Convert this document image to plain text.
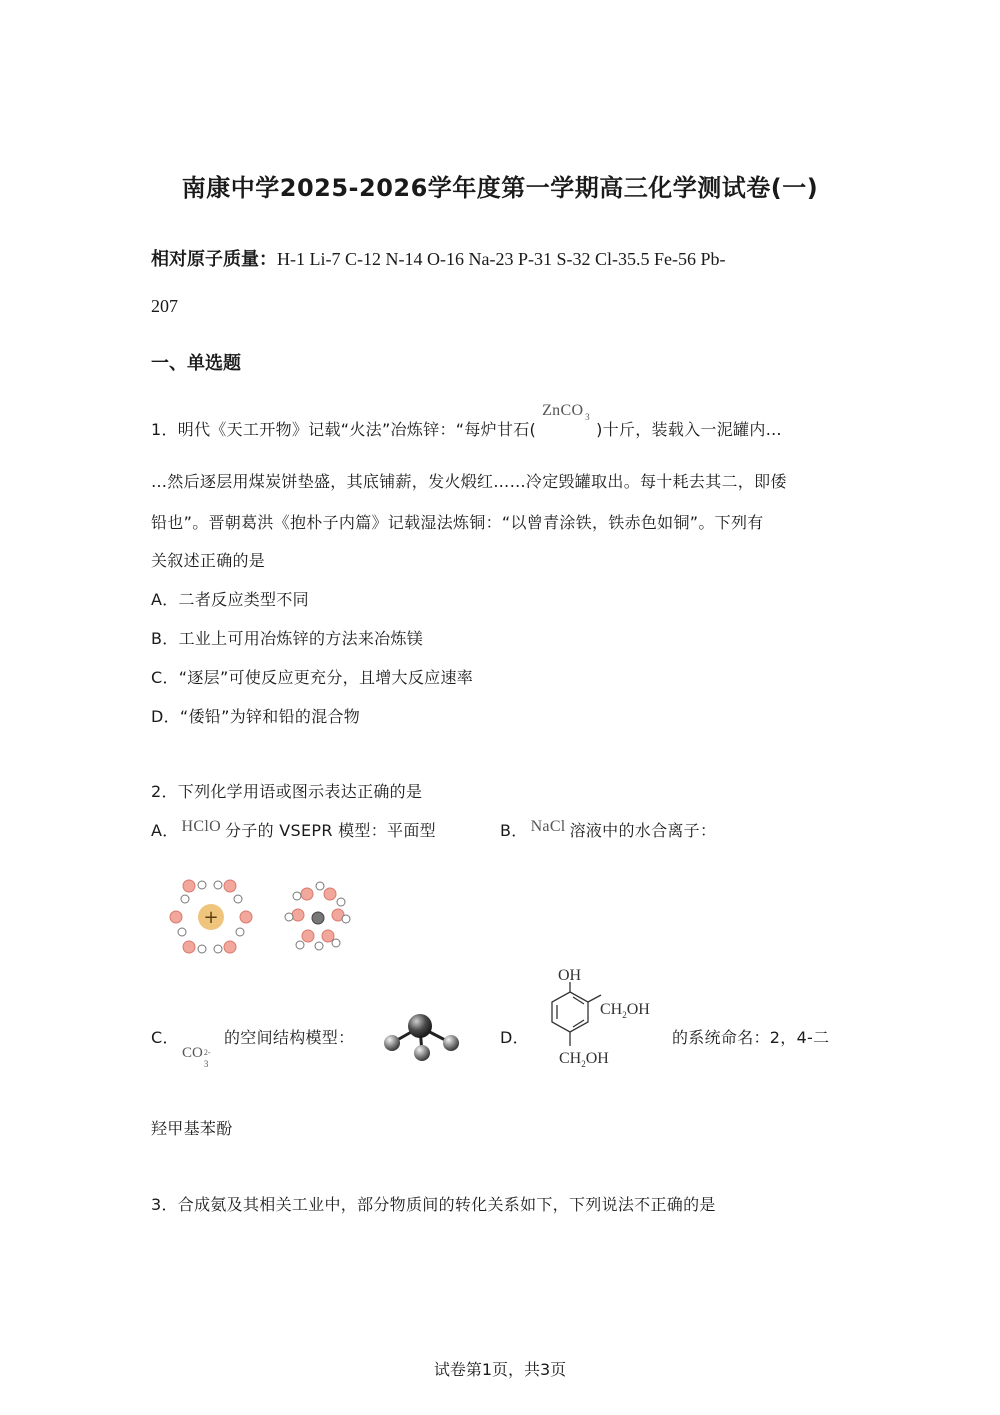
南康中学2025-2026学年度第一学期高三化学测试卷(一)
相对原子质量：H-1 Li-7 C-12 N-14 O-16 Na-23 P-31 S-32 Cl-35.5 Fe-56 Pb-
207
一、单选题
1．明代《天工开物》记载“火法”冶炼锌：“每炉甘石(
ZnCO 3
)十斤，装载入一泥罐内…
…然后逐层用煤炭饼垫盛，其底铺薪，发火煅红……冷定毁罐取出。每十耗去其二，即倭
铅也”。晋朝葛洪《抱朴子内篇》记载湿法炼铜：“以曾青涂铁，铁赤色如铜”。下列有
关叙述正确的是
A．二者反应类型不同
B．工业上可用冶炼锌的方法来冶炼镁
C．“逐层”可使反应更充分，且增大反应速率
D．“倭铅”为锌和铅的混合物
2．下列化学用语或图示表达正确的是
A． HClO 分子的 VSEPR 模型：平面型	B． NaCl 溶液中的水合离子：
+
C．
CO 2-
3
的空间结构模型：	D．
OH
$CH_2OH$
$CH_2OH$
的系统命名：2，4-二
羟甲基苯酚
3．合成氨及其相关工业中，部分物质间的转化关系如下，下列说法不正确的是
试卷第1页，共3页
